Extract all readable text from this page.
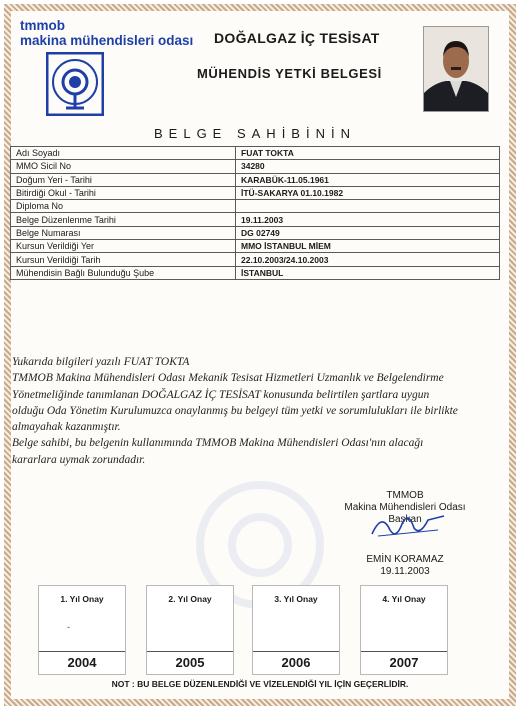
tmmob
makina mühendisleri odası DOĞALGAZ İÇ TESİSAT
MÜHENDİS YETKİ BELGESİ
BELGE SAHİBİNİN
Adı Soyadı	FUAT TOKTA
MMO Sicil No	34280
Doğum Yeri - Tarihi	KARABÜK-11.05.1961
Bitirdiği Okul - Tarihi	İTÜ-SAKARYA 01.10.1982
Diploma No	
Belge Düzenlenme Tarihi	19.11.2003
Belge Numarası	DG 02749
Kursun Verildiği Yer	MMO İSTANBUL MİEM
Kursun Verildiği Tarih	22.10.2003/24.10.2003
Mühendisin Bağlı Bulunduğu Şube	İSTANBUL

Yukarıda bilgileri yazılı FUAT TOKTA

TMMOB Makina Mühendisleri Odası Mekanik Tesisat Hizmetleri Uzmanlık ve Belgelendirme

Yönetmeliğinde tanımlanan DOĞALGAZ İÇ TESİSAT konusunda belirtilen şartlara uygun

olduğu Oda Yönetim Kurulumuzca onaylanmış bu belgeyi tüm yetki ve sorumlulukları ile birlikte

almayahak kazanmıştır.

Belge sahibi, bu belgenin kullanımında TMMOB Makina Mühendisleri Odası'nın alacağı

kararlara uymak zorundadır.

TMMOB
Makina Mühendisleri Odası
Başkan
EMİN KORAMAZ
19.11.2003
1. Yıl Onay
-
2004
2. Yıl Onay
2005
3. Yıl Onay
2006
4. Yıl Onay
2007
NOT : BU BELGE DÜZENLENDİĞİ VE VİZELENDİĞİ YIL İÇİN GEÇERLİDİR.
